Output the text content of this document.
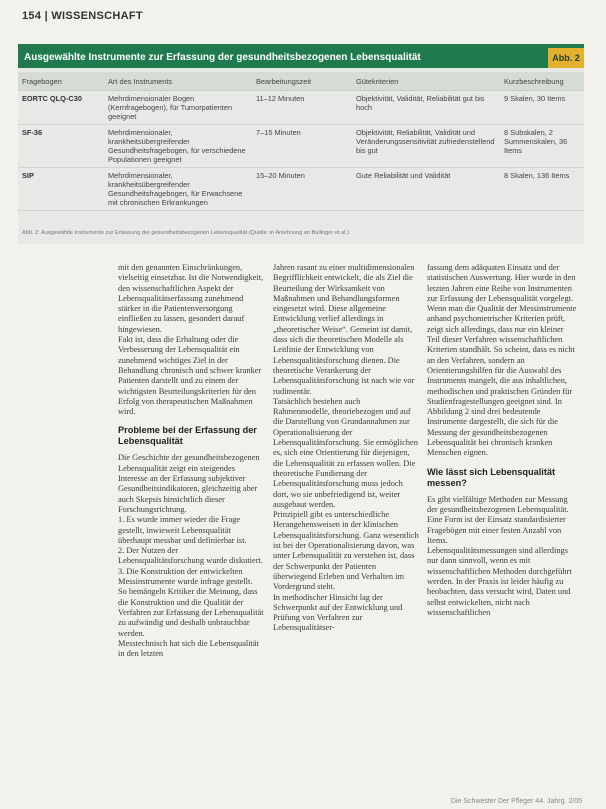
154 | WISSENSCHAFT
Ausgewählte Instrumente zur Erfassung der gesundheitsbezogenen Lebensqualität	Abb. 2
Fragebogen	Art des Instruments	Bearbeitungszeit	Gütekriterien	Kurzbeschreibung
EORTC QLQ-C30	Mehrdimensionaler Bogen (Kernfragebogen), für Tumorpatienten geeignet	11–12 Minuten	Objektivität, Validität, Reliabilität gut bis hoch	9 Skalen, 30 Items
SF-36	Mehrdimensionaler, krankheitsübergreifender Gesundheitsfragebogen, für verschiedene Populationen geeignet	7–15 Minuten	Objektivität, Reliabilität, Validität und Veränderungssensitivität zufriedenstellend bis gut	8 Subskalen, 2 Summenskalen, 36 Items
SIP	Mehrdimensionaler, krankheitsübergreifender Gesundheitsfragebogen, für Erwachsene mit chronischen Erkrankungen	15–20 Minuten	Gute Reliabilität und Validität	8 Skalen, 136 Items
Abb. 2: Ausgewählte Instrumente zur Erfassung der gesundheitsbezogenen Lebensqualität (Quelle: in Anlehnung an Bullinger et al.)

mit den genannten Einschränkungen, vielseitig einsetzbar. Ist die Notwendigkeit, den wissenschaftlichen Aspekt der Lebensqualitätserfassung zunehmend stärker in die Patientenversorgung einfließen zu lassen, gesondert darauf hingewiesen.

Fakt ist, dass die Erhaltung oder die Verbesserung der Lebensqualität ein zunehmend wichtiges Ziel in der Behandlung chronisch und schwer kranker Patienten darstellt und zu einem der wichtigsten Beurteilungskriterien für den Erfolg von therapeutischen Maßnahmen wird.

Probleme bei der Erfassung der Lebensqualität

Die Geschichte der gesundheitsbezogenen Lebensqualität zeigt ein steigendes Interesse an der Erfassung subjektiver Gesundheitsindikatoren, gleichzeitig aber auch Skepsis hinsichtlich dieser Forschungsrichtung.

1. Es wurde immer wieder die Frage gestellt, inwieweit Lebensqualität überhaupt messbar und definierbar ist.

2. Der Nutzen der Lebensqualitätsforschung wurde diskutiert.

3. Die Konstruktion der entwickelten Messinstrumente wurde infrage gestellt.

So bemängeln Kritiker die Meinung, dass die Konstruktion und die Qualität der Verfahren zur Erfassung der Lebensqualität zu aufwändig und deshalb unbrauchbar werden.

Messtechnisch hat sich die Lebensqualität in den letzten

Jahren rasant zu einer multidimensionalen Begrifflichkeit entwickelt, die als Ziel die Beurteilung der Wirksamkeit von Maßnahmen und Behandlungsformen eingesetzt wird. Diese allgemeine Entwicklung verlief allerdings in „theoretischer Weise“. Gemeint ist damit, dass sich die theoretischen Modelle als Leitlinie der Entwicklung von Lebensqualitätsforschung dienen. Die theoretische Verankerung der Lebensqualitätsforschung ist nach wie vor rudimentär.

Tatsächlich bestehen auch Rahmenmodelle, theoriebezogen und auf die Darstellung von Grundannahmen zur Operationalisierung der Lebensqualitätsforschung. Sie ermöglichen es, sich eine Orientierung für diejenigen, die Lebensqualität zu erfassen wollen. Die theoretische Fundierung der Lebensqualitätsforschung muss jedoch dort, wo sie unbefriedigend ist, weiter ausgebaut werden.

Prinzipiell gibt es unterschiedliche Herangehensweisen in der klinischen Lebensqualitätsforschung. Ganz wesentlich ist bei der Operationalisierung davon, was unter Lebensqualität zu verstehen ist, dass der Schwerpunkt der Patienten überwiegend Erleben und Verhalten im Vordergrund steht.

In methodischer Hinsicht lag der Schwerpunkt auf der Entwicklung und Prüfung von Verfahren zur Lebensqualitätser-

fassung dem adäquaten Einsatz und der statistischen Auswertung. Hier wurde in den letzten Jahren eine Reihe von Instrumenten zur Erfassung der Lebensqualität vorgelegt. Wenn man die Qualität der Messinstrumente anhand psychometrischer Kriterien prüft, zeigt sich allerdings, dass nur ein kleiner Teil dieser Verfahren wissenschaftlichen Kriterien standhält. So scheint, dass es nicht an den Verfahren, sondern an Orientierungshilfen für die Auswahl des Instruments mangelt, die aus inhaltlichen, methodischen und praktischen Gründen für Studienfragestellungen geeignet sind. In Abbildung 2 sind drei bedeutende Instrumente dargestellt, die sich für die Messung der gesundheitsbezogenen Lebensqualität bei chronisch kranken Menschen eignen.

Wie lässt sich Lebensqualität messen?

Es gibt vielfältige Methoden zur Messung der gesundheitsbezogenen Lebensqualität. Eine Form ist der Einsatz standardisierter Fragebögen mit einer festen Anzahl von Items.

Lebensqualitätsmessungen sind allerdings nur dann sinnvoll, wenn es mit wissenschaftlichen Methoden durchgeführt werden. In der Praxis ist leider häufig zu beobachten, dass versucht wird, Daten und selbst entwickelten, nicht nach wissenschaftlichen

Die Schwester Der Pfleger 44. Jahrg. 2/05
